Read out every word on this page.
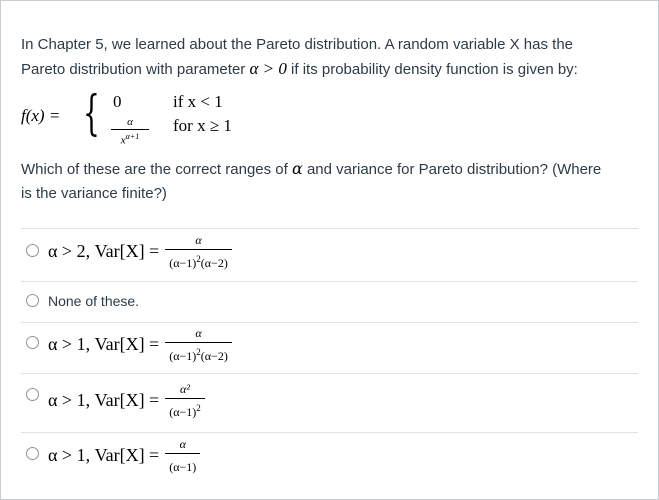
In Chapter 5, we learned about the Pareto distribution. A random variable X has the
Pareto distribution with parameter α > 0 if its probability density function is given by:
f(x) = { 0
$\frac{\alpha}{x^{\alpha+1}}$
if x < 1
for x ≥ 1
Which of these are the correct ranges of α and variance for Pareto distribution? (Where
is the variance finite?)
α > 2, $Var[X] = \frac{\alpha}{(\alpha-1)^2(\alpha-2)}$
None of these.
α > 1, $Var[X] = \frac{\alpha}{(\alpha-1)^2(\alpha-2)}$
α > 1, $Var[X] = \frac{\text{α²}}{(\alpha-1)^2}$
α > 1, $Var[X] = \frac{\alpha}{(\alpha-1)}$
